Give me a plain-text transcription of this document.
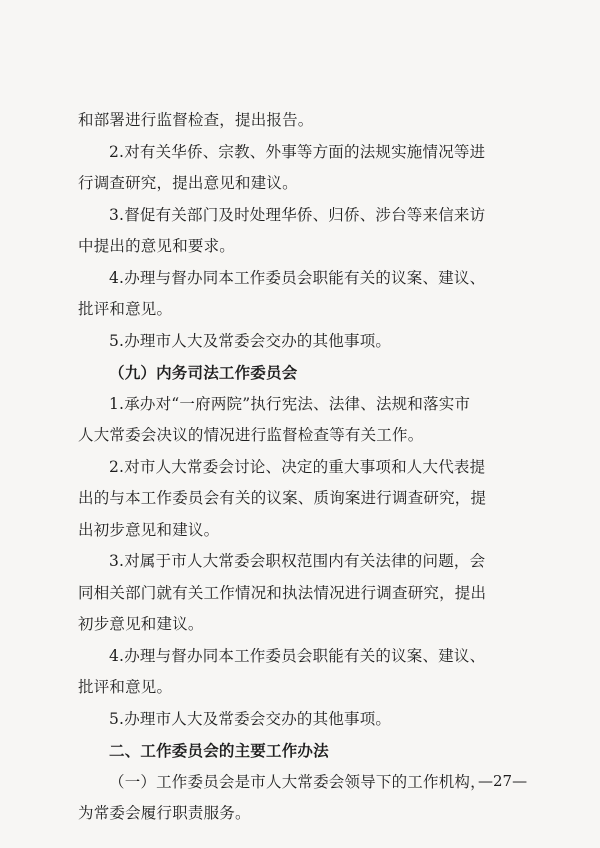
和部署进行监督检查，提出报告。
2.对有关华侨、宗教、外事等方面的法规实施情况等进
行调查研究，提出意见和建议。
3.督促有关部门及时处理华侨、归侨、涉台等来信来访
中提出的意见和要求。
4.办理与督办同本工作委员会职能有关的议案、建议、
批评和意见。
5.办理市人大及常委会交办的其他事项。
（九）内务司法工作委员会
1.承办对“一府两院”执行宪法、法律、法规和落实市
人大常委会决议的情况进行监督检查等有关工作。
2.对市人大常委会讨论、决定的重大事项和人大代表提
出的与本工作委员会有关的议案、质询案进行调查研究，提
出初步意见和建议。
3.对属于市人大常委会职权范围内有关法律的问题，会
同相关部门就有关工作情况和执法情况进行调查研究，提出
初步意见和建议。
4.办理与督办同本工作委员会职能有关的议案、建议、
批评和意见。
5.办理市人大及常委会交办的其他事项。
二、工作委员会的主要工作办法
（一）工作委员会是市人大常委会领导下的工作机构，
为常委会履行职责服务。
—27—
